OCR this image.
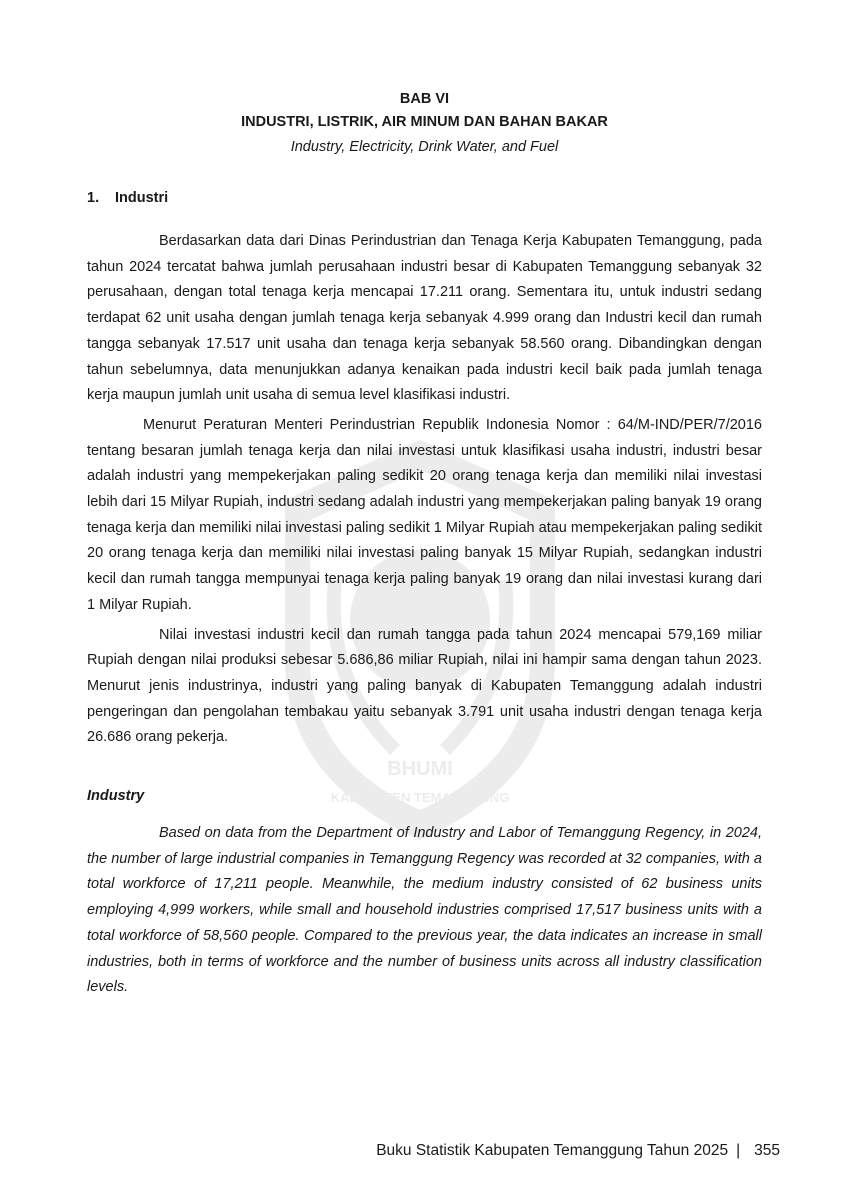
BHUMI
KABUPATEN TEMANGGUNG

BAB VI

INDUSTRI, LISTRIK, AIR MINUM DAN BAHAN BAKAR

Industry, Electricity, Drink Water, and Fuel

1. Industri

Berdasarkan data dari Dinas Perindustrian dan Tenaga Kerja Kabupaten Temanggung, pada tahun 2024 tercatat bahwa jumlah perusahaan industri besar di Kabupaten Temanggung sebanyak 32 perusahaan, dengan total tenaga kerja mencapai 17.211 orang. Sementara itu, untuk industri sedang terdapat 62 unit usaha dengan jumlah tenaga kerja sebanyak 4.999 orang dan Industri kecil dan rumah tangga sebanyak 17.517 unit usaha dan tenaga kerja sebanyak 58.560 orang. Dibandingkan dengan tahun sebelumnya, data menunjukkan adanya kenaikan pada industri kecil baik pada jumlah tenaga kerja maupun jumlah unit usaha di semua level klasifikasi industri.

Menurut Peraturan Menteri Perindustrian Republik Indonesia Nomor : 64/M-IND/PER/7/2016 tentang besaran jumlah tenaga kerja dan nilai investasi untuk klasifikasi usaha industri, industri besar adalah industri yang mempekerjakan paling sedikit 20 orang tenaga kerja dan memiliki nilai investasi lebih dari 15 Milyar Rupiah, industri sedang adalah industri yang mempekerjakan paling banyak 19 orang tenaga kerja dan memiliki nilai investasi paling sedikit 1 Milyar Rupiah atau mempekerjakan paling sedikit 20 orang tenaga kerja dan memiliki nilai investasi paling banyak 15 Milyar Rupiah, sedangkan industri kecil dan rumah tangga mempunyai tenaga kerja paling banyak 19 orang dan nilai investasi kurang dari 1 Milyar Rupiah.

Nilai investasi industri kecil dan rumah tangga pada tahun 2024 mencapai 579,169 miliar Rupiah dengan nilai produksi sebesar 5.686,86 miliar Rupiah, nilai ini hampir sama dengan tahun 2023. Menurut jenis industrinya, industri yang paling banyak di Kabupaten Temanggung adalah industri pengeringan dan pengolahan tembakau yaitu sebanyak 3.791 unit usaha industri dengan tenaga kerja 26.686 orang pekerja.

Industry

Based on data from the Department of Industry and Labor of Temanggung Regency, in 2024, the number of large industrial companies in Temanggung Regency was recorded at 32 companies, with a total workforce of 17,211 people. Meanwhile, the medium industry consisted of 62 business units employing 4,999 workers, while small and household industries comprised 17,517 business units with a total workforce of 58,560 people. Compared to the previous year, the data indicates an increase in small industries, both in terms of workforce and the number of business units across all industry classification levels.

Buku Statistik Kabupaten Temanggung Tahun 2025 | 355
